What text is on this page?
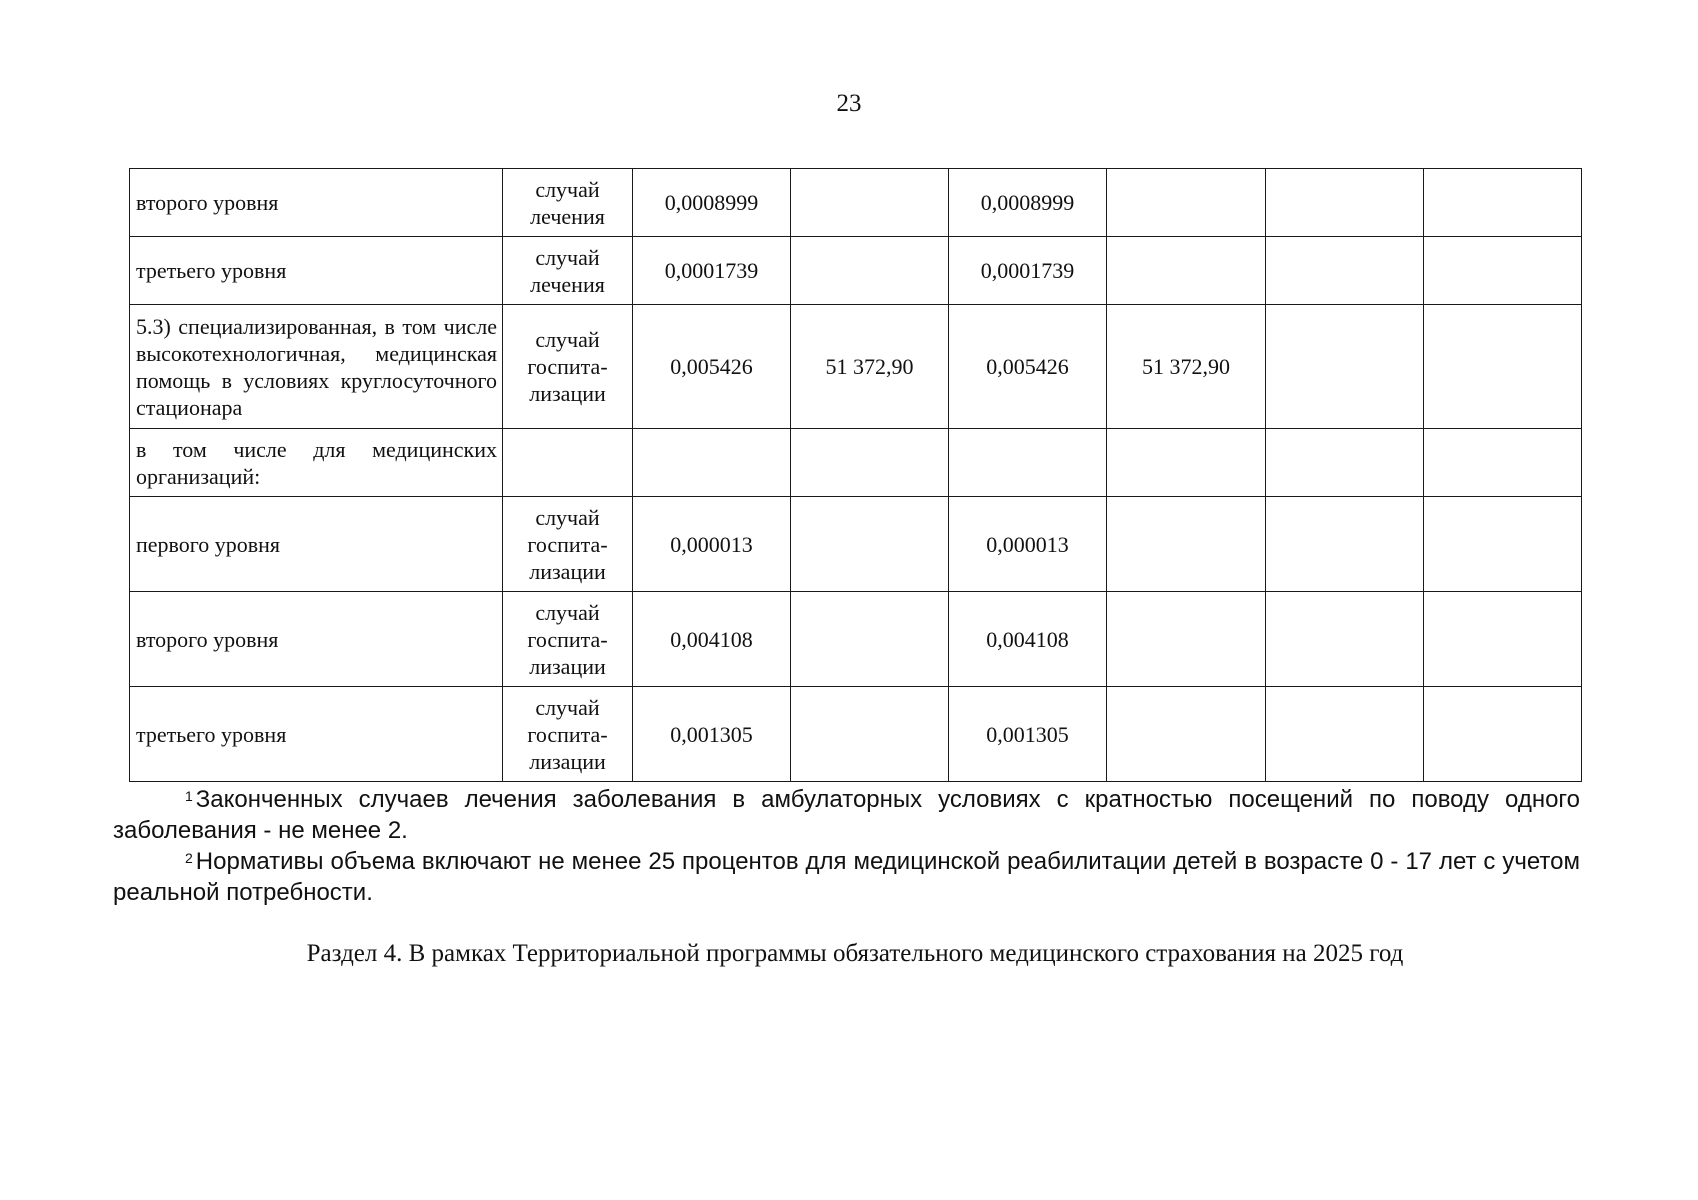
23
второго уровня	случай лечения	0,0008999		0,0008999			
третьего уровня	случай лечения	0,0001739		0,0001739			
5.3) специализированная, в том числе высокотехнологичная, медицинская помощь в условиях круглосуточного стационара	случай госпита- лизации	0,005426	51 372,90	0,005426	51 372,90		
в том числе для медицинских организаций:							
первого уровня	случай госпита- лизации	0,000013		0,000013			
второго уровня	случай госпита- лизации	0,004108		0,004108			
третьего уровня	случай госпита- лизации	0,001305		0,001305			

$^1$ Законченных случаев лечения заболевания в амбулаторных условиях с кратностью посещений по поводу одного заболевания - не менее 2.

$^2$ Нормативы объема включают не менее 25 процентов для медицинской реабилитации детей в возрасте 0 - 17 лет с учетом реальной потребности.

Раздел 4. В рамках Территориальной программы обязательного медицинского страхования на 2025 год
